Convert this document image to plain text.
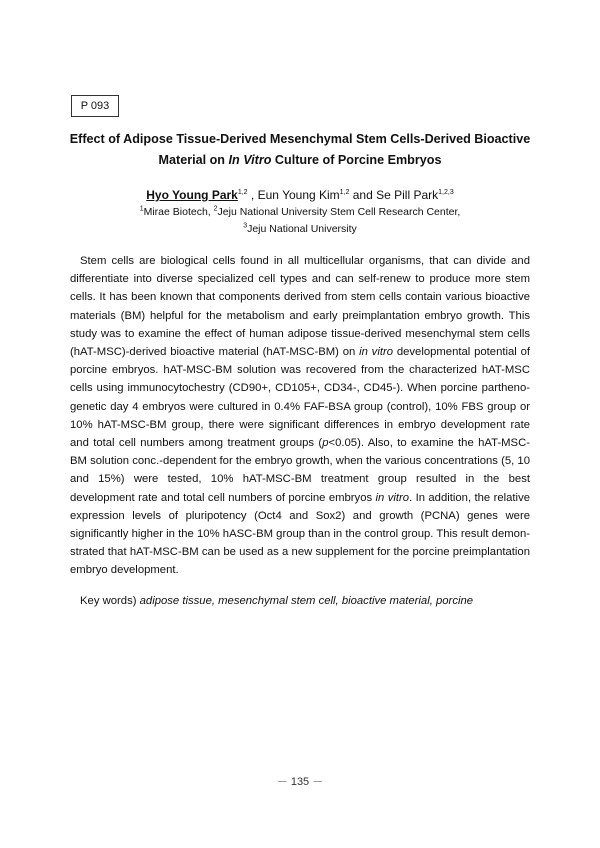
P 093
Effect of Adipose Tissue-Derived Mesenchymal Stem Cells-Derived Bioactive
Material on In Vitro Culture of Porcine Embryos
Hyo Young Park$^{1,2}$ , Eun Young Kim$^{1,2}$ and Se Pill Park$^{1,2,3}$
$^1$Mirae Biotech, $^2$Jeju National University Stem Cell Research Center,
$^3$Jeju National University

Stem cells are biological cells found in all multicellular organisms, that can divide and differentiate into diverse specialized cell types and can self-renew to produce more stem cells. It has been known that components derived from stem cells contain various bioactive materials (BM) helpful for the metabolism and early preimplantation embryo growth. This study was to examine the effect of human adipose tissue-derived mesenchymal stem cells (hAT-MSC)-derived bioactive material (hAT-MSC-BM) on in vitro developmental potential of porcine embryos. hAT-MSC-BM solution was recovered from the characterized hAT-MSC cells using immunocytochestry (CD90+, CD105+, CD34-, CD45-). When porcine partheno-genetic day 4 embryos were cultured in 0.4% FAF-BSA group (control), 10% FBS group or 10% hAT-MSC-BM group, there were significant differences in embryo development rate and total cell numbers among treatment groups (p<0.05). Also, to examine the hAT-MSC-BM solution conc.-dependent for the embryo growth, when the various concentrations (5, 10 and 15%) were tested, 10% hAT-MSC-BM treatment group resulted in the best development rate and total cell numbers of porcine embryos in vitro. In addition, the relative expression levels of pluripotency (Oct4 and Sox2) and growth (PCNA) genes were significantly higher in the 10% hASC-BM group than in the control group. This result demon-strated that hAT-MSC-BM can be used as a new supplement for the porcine preimplantation embryo development.

Key words) adipose tissue, mesenchymal stem cell, bioactive material, porcine
－ 135 －
